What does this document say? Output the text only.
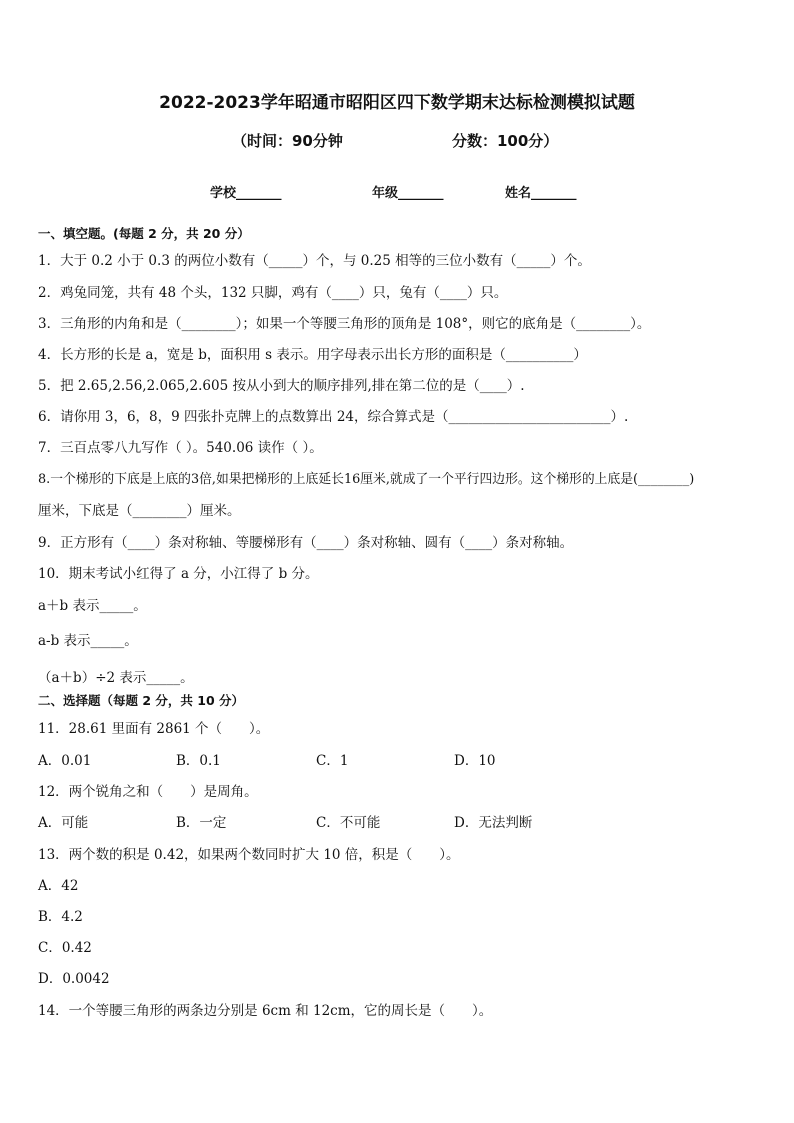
2022-2023学年昭通市昭阳区四下数学期末达标检测模拟试题
（时间：90分钟	分数：100分）
学校_______	年级_______	姓名_______
一、填空题。(每题 2 分，共 20 分）
1．大于 0.2 小于 0.3 的两位小数有（_____）个，与 0.25 相等的三位小数有（_____）个。
2．鸡兔同笼，共有 48 个头，132 只脚，鸡有（____）只，兔有（____）只。
3．三角形的内角和是（________）；如果一个等腰三角形的顶角是 108°，则它的底角是（________）。
4．长方形的长是 a，宽是 b，面积用 s 表示。用字母表示出长方形的面积是（__________）
5．把 2.65,2.56,2.065,2.605 按从小到大的顺序排列,排在第二位的是（____）.
6．请你用 3，6，8，9 四张扑克牌上的点数算出 24，综合算式是（________________________）.
7．三百点零八九写作（ ）。540.06 读作（ ）。
8.一个梯形的下底是上底的3倍,如果把梯形的上底延长16厘米,就成了一个平行四边形。这个梯形的上底是(________)
厘米，下底是（________）厘米。
9．正方形有（____）条对称轴、等腰梯形有（____）条对称轴、圆有（____）条对称轴。
10．期末考试小红得了 a 分，小江得了 b 分。
a＋b 表示_____。
a-b 表示_____。
（a＋b）÷2 表示_____。
二、选择题（每题 2 分，共 10 分）
11．28.61 里面有 2861 个（　　）。
A．0.01	B．0.1	C．1	D．10
12．两个锐角之和（　　）是周角。
A．可能	B．一定	C．不可能	D．无法判断
13．两个数的积是 0.42，如果两个数同时扩大 10 倍，积是（　　）。
A．42
B．4.2
C．0.42
D．0.0042
14．一个等腰三角形的两条边分别是 6cm 和 12cm，它的周长是（　　）。
